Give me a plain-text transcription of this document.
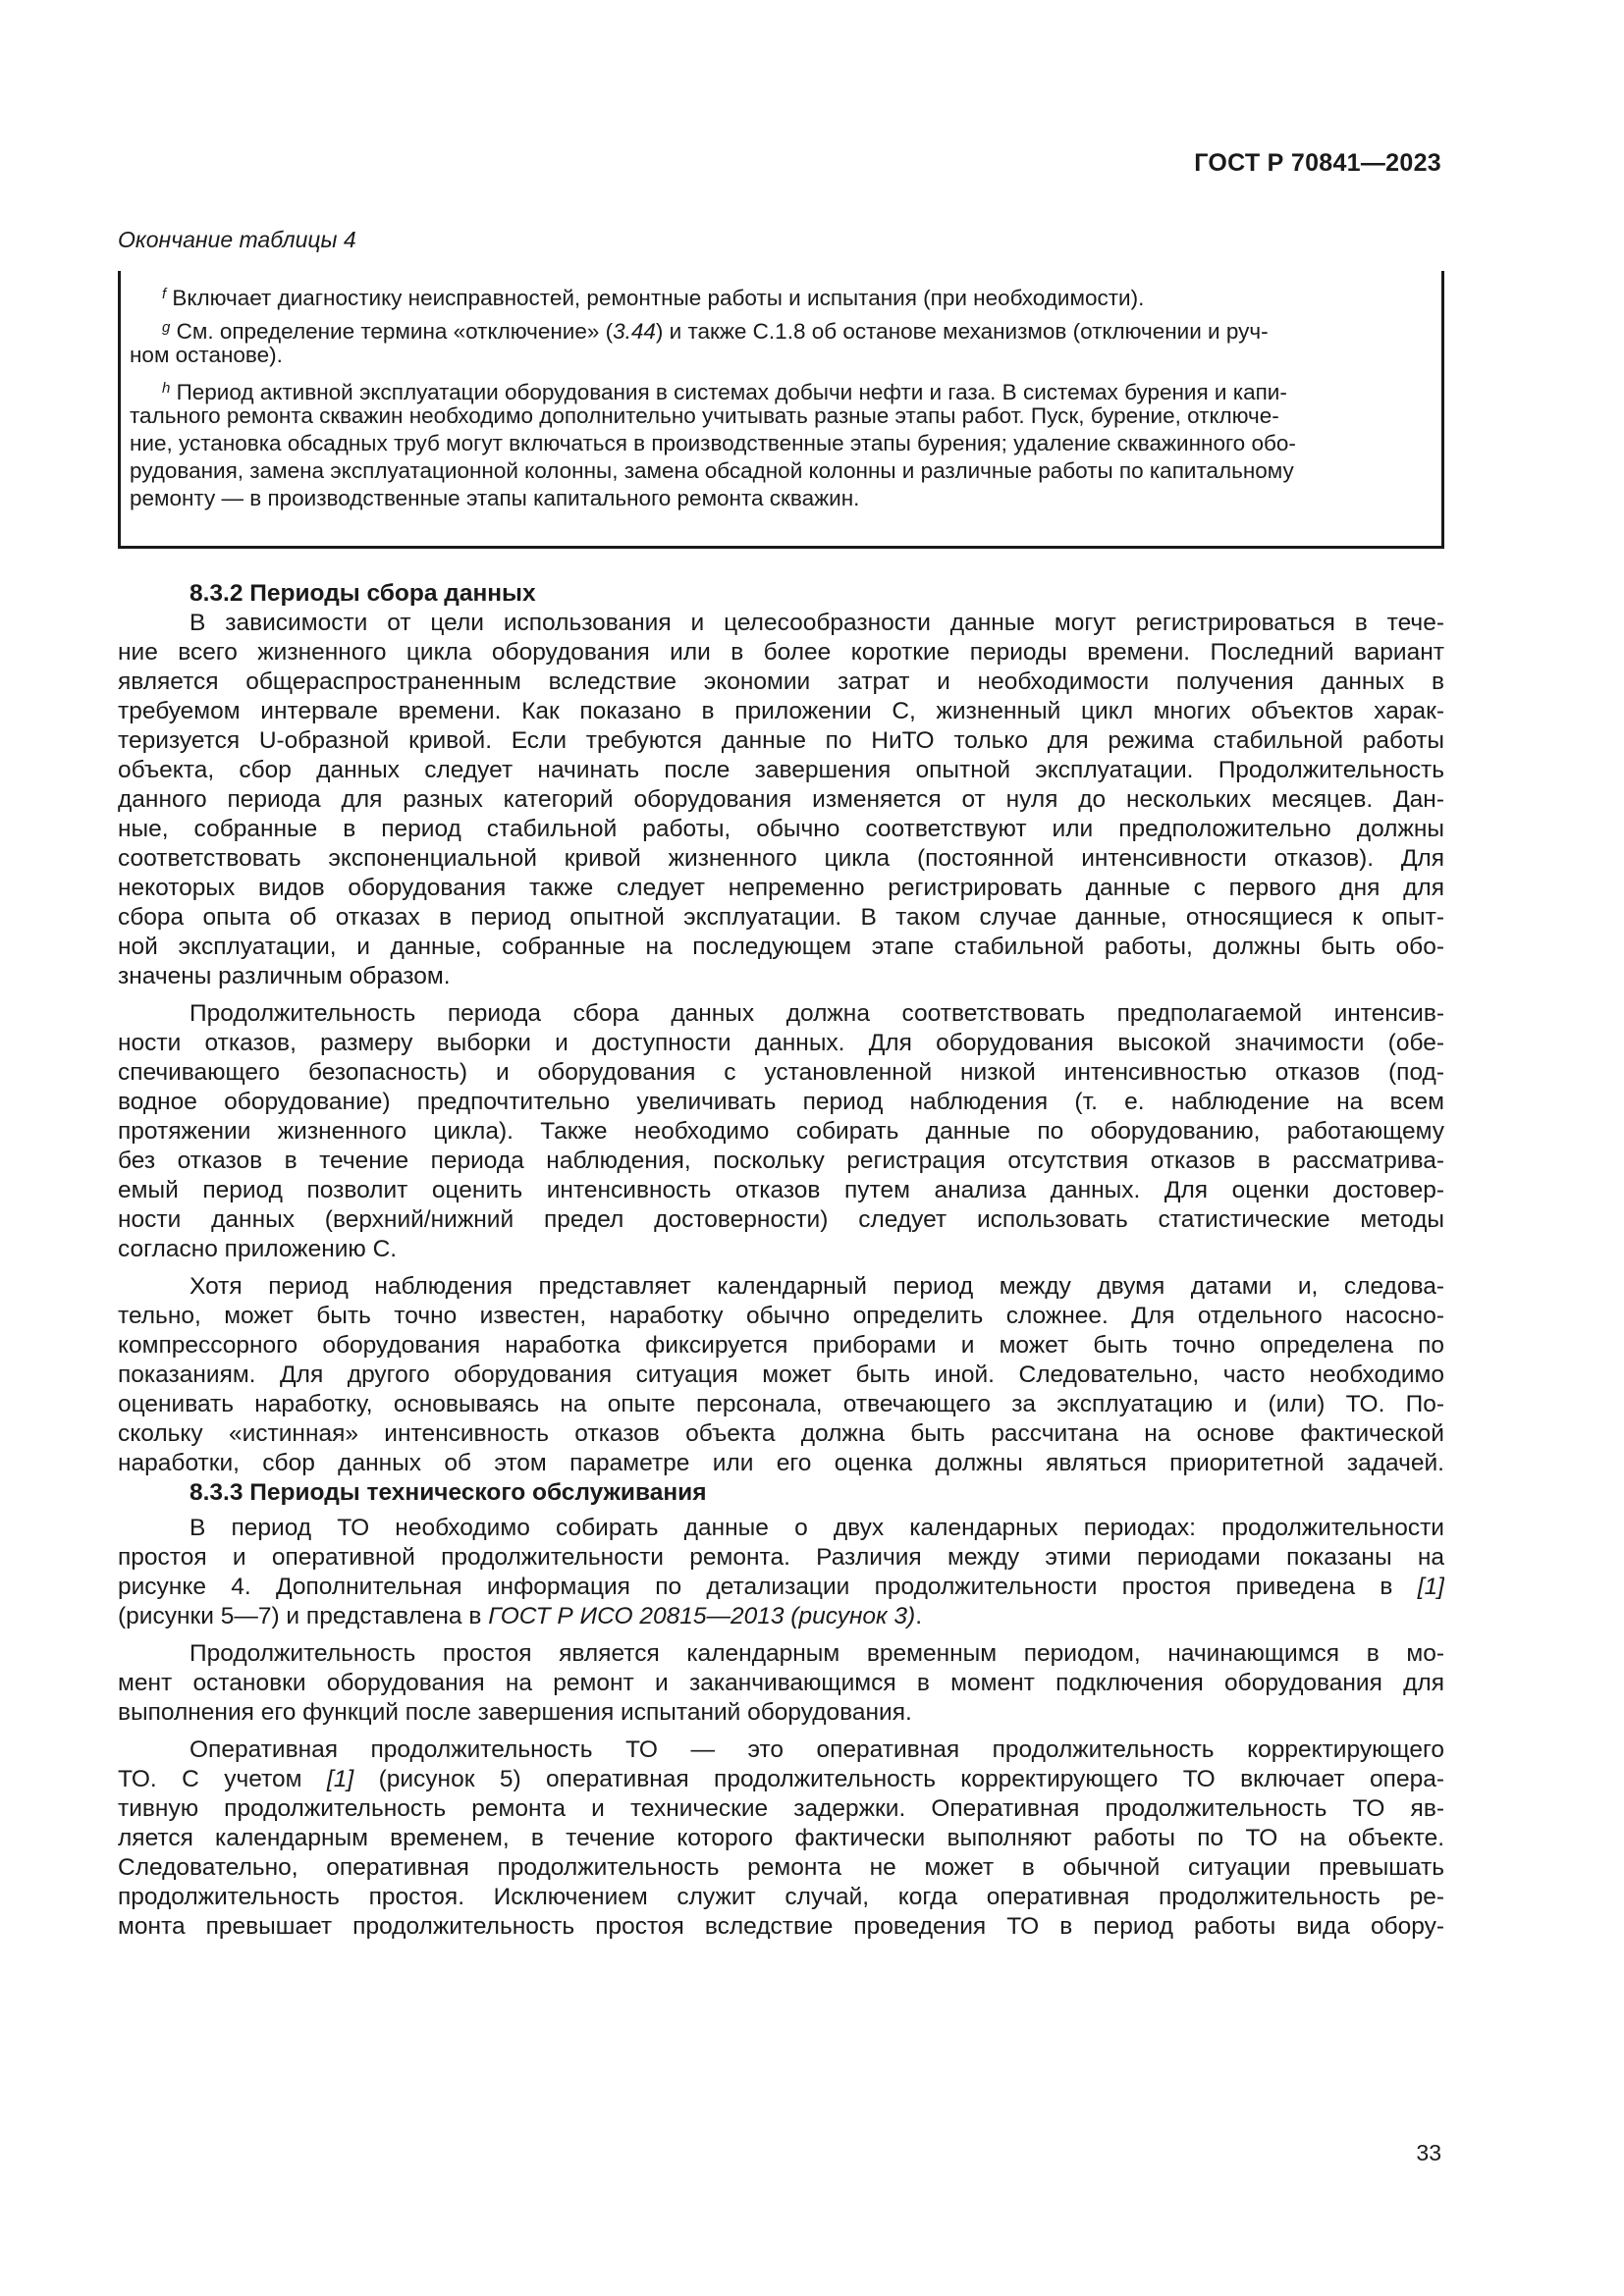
ГОСТ Р 70841—2023
Окончание таблицы 4
$^f$ Включает диагностику неисправностей, ремонтные работы и испытания (при необходимости).
$^g$ См. определение термина «отключение» (3.44) и также С.1.8 об останове механизмов (отключении и руч-
ном останове).
$^h$ Период активной эксплуатации оборудования в системах добычи нефти и газа. В системах бурения и капи-
тального ремонта скважин необходимо дополнительно учитывать разные этапы работ. Пуск, бурение, отключе-
ние, установка обсадных труб могут включаться в производственные этапы бурения; удаление скважинного обо-
рудования, замена эксплуатационной колонны, замена обсадной колонны и различные работы по капитальному
ремонту — в производственные этапы капитального ремонта скважин.
8.3.2 Периоды сбора данных
В зависимости от цели использования и целесообразности данные могут регистрироваться в тече-
ние всего жизненного цикла оборудования или в более короткие периоды времени. Последний вариант
является общераспространенным вследствие экономии затрат и необходимости получения данных в
требуемом интервале времени. Как показано в приложении С, жизненный цикл многих объектов харак-
теризуется U-образной кривой. Если требуются данные по НиТО только для режима стабильной работы
объекта, сбор данных следует начинать после завершения опытной эксплуатации. Продолжительность
данного периода для разных категорий оборудования изменяется от нуля до нескольких месяцев. Дан-
ные, собранные в период стабильной работы, обычно соответствуют или предположительно должны
соответствовать экспоненциальной кривой жизненного цикла (постоянной интенсивности отказов). Для
некоторых видов оборудования также следует непременно регистрировать данные с первого дня для
сбора опыта об отказах в период опытной эксплуатации. В таком случае данные, относящиеся к опыт-
ной эксплуатации, и данные, собранные на последующем этапе стабильной работы, должны быть обо-
значены различным образом.
Продолжительность периода сбора данных должна соответствовать предполагаемой интенсив-
ности отказов, размеру выборки и доступности данных. Для оборудования высокой значимости (обе-
спечивающего безопасность) и оборудования с установленной низкой интенсивностью отказов (под-
водное оборудование) предпочтительно увеличивать период наблюдения (т. е. наблюдение на всем
протяжении жизненного цикла). Также необходимо собирать данные по оборудованию, работающему
без отказов в течение периода наблюдения, поскольку регистрация отсутствия отказов в рассматрива-
емый период позволит оценить интенсивность отказов путем анализа данных. Для оценки достовер-
ности данных (верхний/нижний предел достоверности) следует использовать статистические методы
согласно приложению С.
Хотя период наблюдения представляет календарный период между двумя датами и, следова-
тельно, может быть точно известен, наработку обычно определить сложнее. Для отдельного насосно-
компрессорного оборудования наработка фиксируется приборами и может быть точно определена по
показаниям. Для другого оборудования ситуация может быть иной. Следовательно, часто необходимо
оценивать наработку, основываясь на опыте персонала, отвечающего за эксплуатацию и (или) ТО. По-
скольку «истинная» интенсивность отказов объекта должна быть рассчитана на основе фактической
наработки, сбор данных об этом параметре или его оценка должны являться приоритетной задачей.
8.3.3 Периоды технического обслуживания
В период ТО необходимо собирать данные о двух календарных периодах: продолжительности
простоя и оперативной продолжительности ремонта. Различия между этими периодами показаны на
рисунке 4. Дополнительная информация по детализации продолжительности простоя приведена в [1]
(рисунки 5—7) и представлена в ГОСТ Р ИСО 20815—2013 (рисунок 3).
Продолжительность простоя является календарным временным периодом, начинающимся в мо-
мент остановки оборудования на ремонт и заканчивающимся в момент подключения оборудования для
выполнения его функций после завершения испытаний оборудования.
Оперативная продолжительность ТО — это оперативная продолжительность корректирующего
ТО. С учетом [1] (рисунок 5) оперативная продолжительность корректирующего ТО включает опера-
тивную продолжительность ремонта и технические задержки. Оперативная продолжительность ТО яв-
ляется календарным временем, в течение которого фактически выполняют работы по ТО на объекте.
Следовательно, оперативная продолжительность ремонта не может в обычной ситуации превышать
продолжительность простоя. Исключением служит случай, когда оперативная продолжительность ре-
монта превышает продолжительность простоя вследствие проведения ТО в период работы вида обору-
33
